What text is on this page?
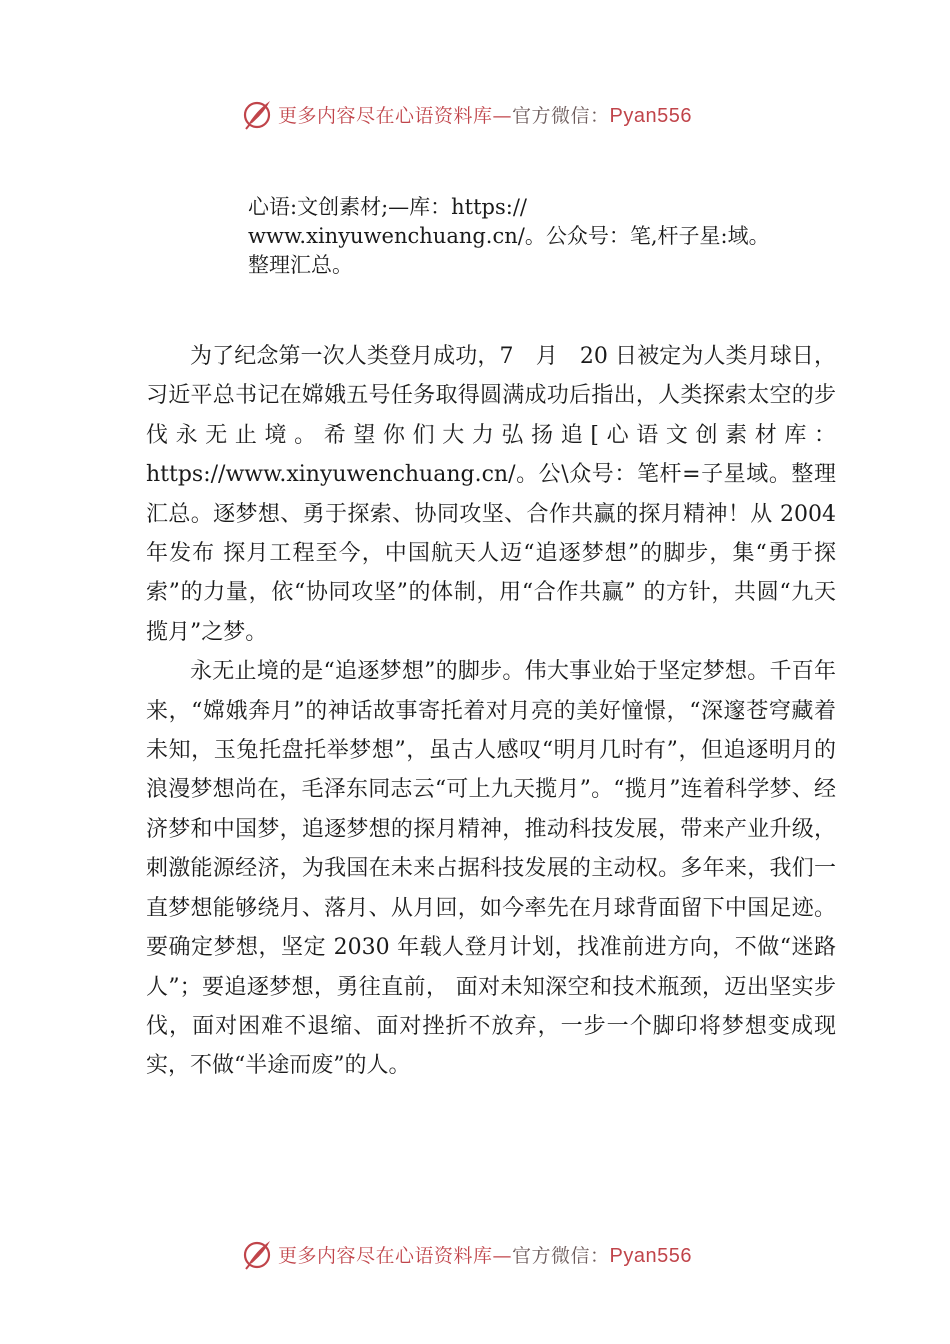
更多内容尽在心语资料库—官方微信：Pyan556
心语:文创素材;—库：https://
www.xinyuwenchuang.cn/。公众号：笔,杆子星:域。
整理汇总。

为了纪念第一次人类登月成功，7　月　20 日被定为人类月球日，习近平总书记在嫦娥五号任务取得圆满成功后指出，人类探索太空的步伐永无止境。希望你们大力弘扬追[心语文创素材库：https://www.xinyuwenchuang.cn/。公\众号：笔杆=子星域。整理汇总。逐梦想、勇于探索、协同攻坚、合作共赢的探月精神！从 2004 年发布 探月工程至今，中国航天人迈“追逐梦想”的脚步，集“勇于探索”的力量，依“协同攻坚”的体制，用“合作共赢” 的方针，共圆“九天揽月”之梦。

永无止境的是“追逐梦想”的脚步。伟大事业始于坚定梦想。千百年来，“嫦娥奔月”的神话故事寄托着对月亮的美好憧憬，“深邃苍穹藏着未知，玉兔托盘托举梦想”，虽古人感叹“明月几时有”，但追逐明月的浪漫梦想尚在，毛泽东同志云“可上九天揽月”。“揽月”连着科学梦、经济梦和中国梦，追逐梦想的探月精神，推动科技发展，带来产业升级， 刺激能源经济，为我国在未来占据科技发展的主动权。多年来，我们一直梦想能够绕月、落月、从月回，如今率先在月球背面留下中国足迹。要确定梦想，坚定 2030 年载人登月计划，找准前进方向，不做“迷路人”；要追逐梦想，勇往直前， 面对未知深空和技术瓶颈，迈出坚实步伐，面对困难不退缩、面对挫折不放弃，一步一个脚印将梦想变成现实，不做“半途而废”的人。

更多内容尽在心语资料库—官方微信：Pyan556
